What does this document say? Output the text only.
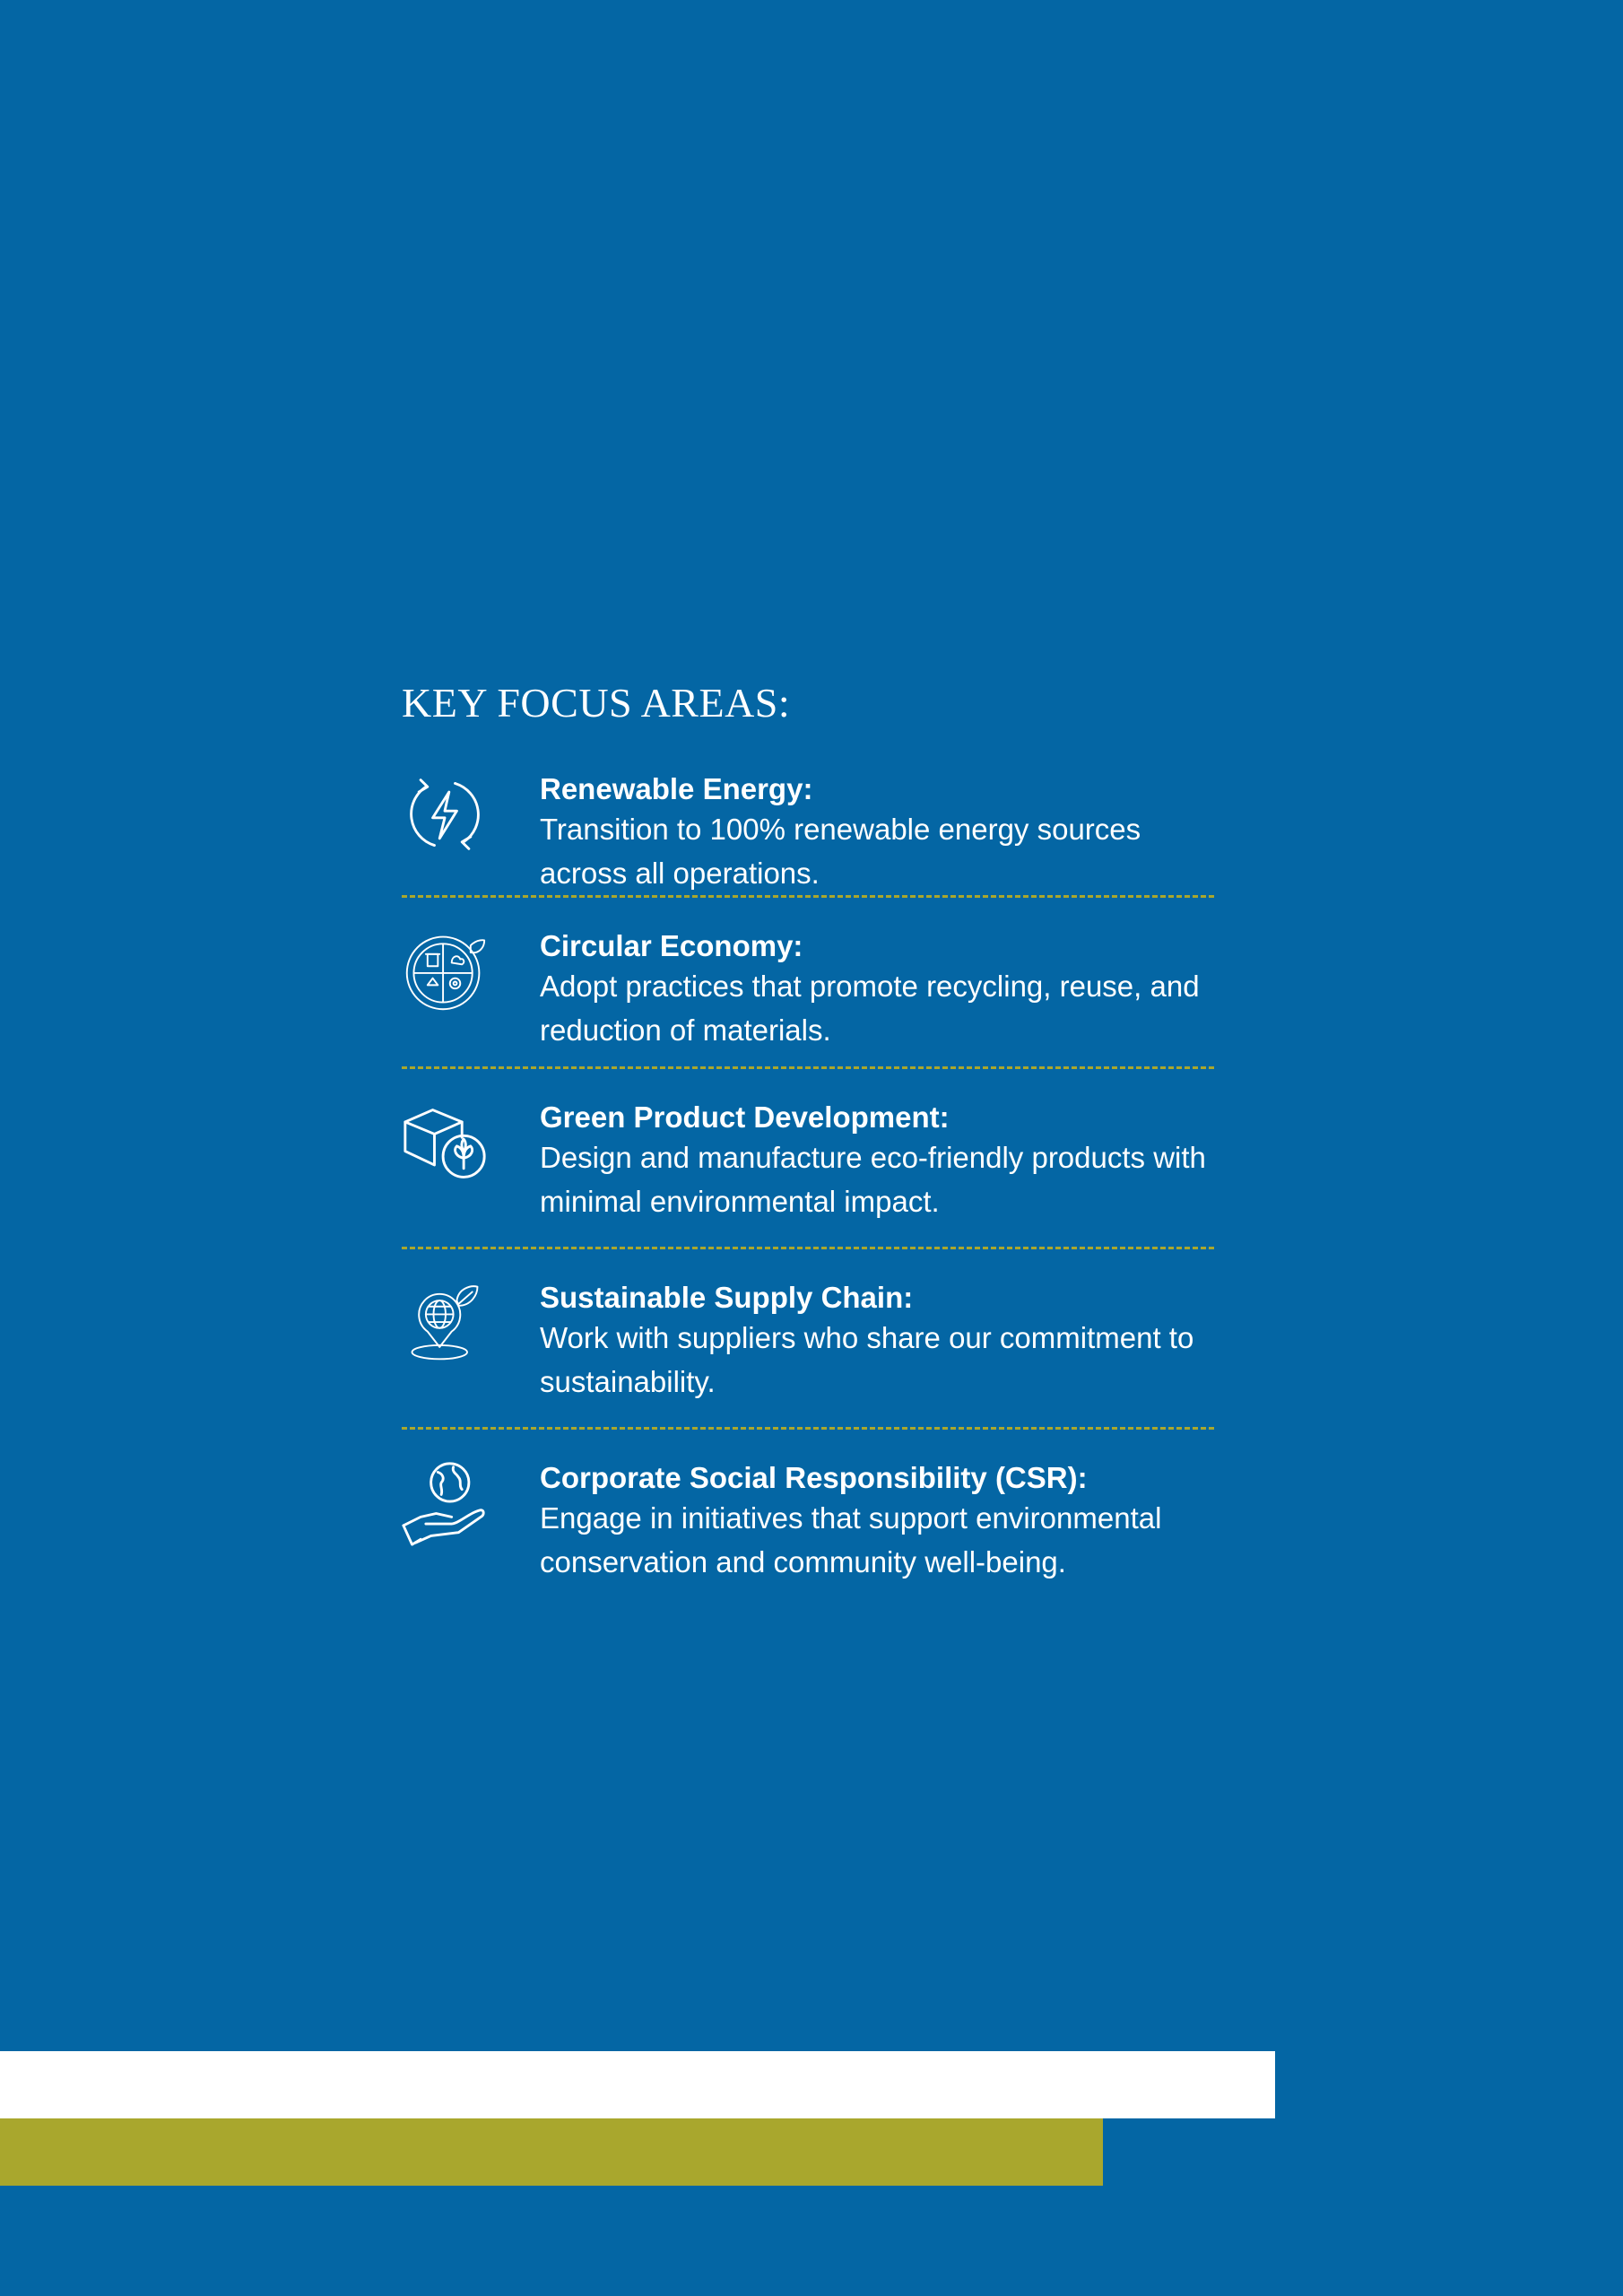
KEY FOCUS AREAS:

Renewable Energy:

Transition to 100% renewable energy sources across all operations.

Circular Economy:

Adopt practices that promote recycling, reuse, and reduction of materials.

Green Product Development:

Design and manufacture eco-friendly products with minimal environmental impact.

Sustainable Supply Chain:

Work with suppliers who share our commitment to sustainability.

Corporate Social Responsibility (CSR):

Engage in initiatives that support environmental conservation and community well-being.
